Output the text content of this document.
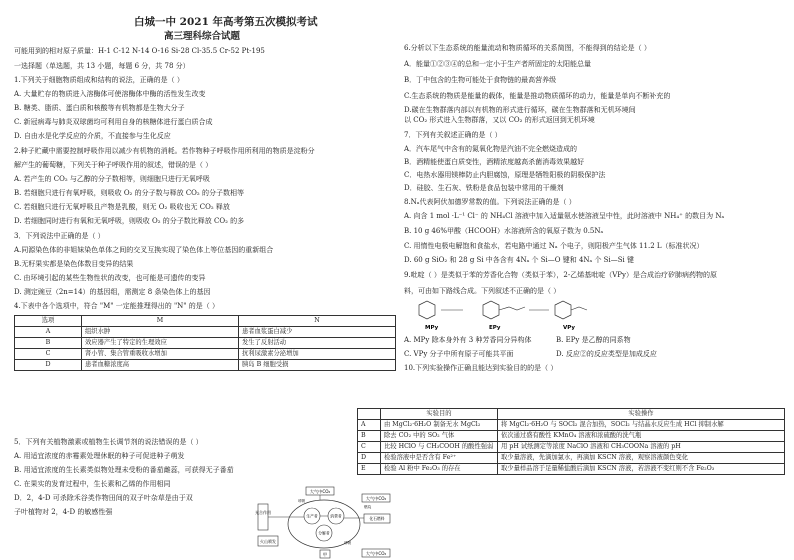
白城一中 2021 年高考第五次模拟考试
高三理科综合试题
可能用到的相对原子质量：H-1 C-12 N-14 O-16 Si-28 Cl-35.5 Cr-52 Pt-195
一选择题（单选题，共 13 小题，每题 6 分，共 78 分）
1.下列关于细胞物质组成和结构的说法，正确的是（ ）
A. 大量贮存的物质进入溶酶体可使溶酶体中酶的活性发生改变
B. 糖类、脂质、蛋白质和核酸等有机物都是生物大分子
C. 新冠病毒与肺炎双球菌均可利用自身的核糖体进行蛋白质合成
D. 自由水是化学反应的介质，不直接参与生化反应
2.种子贮藏中需要控制呼吸作用以减少有机物的消耗。若作物种子呼吸作用所利用的物质是淀粉分
解产生的葡萄糖，下列关于种子呼吸作用的叙述，错误的是（ ）
A. 若产生的 CO₂ 与乙醇的分子数相等，则细胞只进行无氧呼吸
B. 若细胞只进行有氧呼吸，则吸收 O₂ 的分子数与释放 CO₂ 的分子数相等
C. 若细胞只进行无氧呼吸且产物是乳酸，则无 O₂ 吸收也无 CO₂ 释放
D. 若细胞同时进行有氧和无氧呼吸，则吸收 O₂ 的分子数比释放 CO₂ 的多
3．下列说法中正确的是（ ）
A.同源染色体的非姐妹染色单体之间的交叉互换实现了染色体上等位基因的重新组合
B.无籽果实都是染色体数目变异的结果
C. 由环境引起的某些生物性状的改变，也可能是可遗传的变异
D. 测定豌豆（2n=14）的基因组，需测定 8 条染色体上的基因
4.下表中各个选项中，符合 "M" 一定能推理得出的 "N" 的是（ ）
选项	M	N
A	组织水肿	患者血浆蛋白减少
B	效应器产生了特定的生理效应	发生了反射活动
C	肾小管、集合管重吸收水增加	抗利尿激素分泌增加
D	患者血糖浓度高	胰岛 B 细胞受损
5．下列有关植物激素或植物生长调节剂的说法错误的是（ ）
A. 用适宜浓度的赤霉素处理休眠的种子可促进种子萌发
B. 用适宜浓度的生长素类似物处理未受粉的番茄雌蕊，可获得无子番茄
C. 在果实的发育过程中，生长素和乙烯的作用相同
D．2，4-D 可杀除禾谷类作物田间的双子叶杂草是由于双
子叶植物对 2，4-D 的敏感性强
大气中CO₂
光合作用
火山喷发
生产者	消费者
分解者
化石燃料
呼吸
燃烧
呼吸
大气中CO₂
大气中CO₂
甲
6.分析以下生态系统的能量流动和物质循环的关系简图，不能得到的结论是（ ）
A．能量①②③④的总和一定小于生产者所固定的太阳能总量
B．丁中包含的生物可能处于食物链的最高营养级
C.生态系统的物质是能量的载体，能量是推动物质循环的动力，能量是单向不断补充的
D.碳在生物群落内部以有机物的形式进行循环，碳在生物群落和无机环境间
以 CO₂ 形式进入生物群落，又以 CO₂ 的形式返回到无机环境
7．下列有关叙述正确的是（ ）
A．汽车尾气中含有的氮氧化物是汽油不完全燃烧造成的
B．酒精能使蛋白质变性，酒精浓度越高杀菌消毒效果越好
C．电热水器用镁棒防止内胆腐蚀，原理是牺牲阳极的阴极保护法
D．硅胶、生石灰、铁粉是食品包装中常用的干燥剂
8.Nₐ代表阿伏加德罗常数的值。下列说法正确的是（ ）
A. 向含 1 mol ·L⁻¹ Cl⁻ 的 NH₄Cl 溶液中加入适量氨水使溶液呈中性，此时溶液中 NH₄⁺ 的数目为 Nₐ
B. 10 g 46%甲酸（HCOOH）水溶液所含的氧原子数为 0.5Nₐ
C. 用惰性电极电解饱和食盐水，若电路中通过 Nₐ 个电子，则阳极产生气体 11.2 L（标准状况）
D. 60 g SiO₂ 和 28 g Si 中各含有 4Nₐ 个 Si—O 键和 4Nₐ 个 Si—Si 键
9.吡啶（ ）是类似于苯的芳香化合物（类似于苯），2-乙烯基吡啶（VPy）是合成治疗矽肺病药物的原
料，可由如下路线合成。下列叙述不正确的是（ ）
MPy	EPy	VPy
A. MPy 除本身外有 3 种芳香同分异构体	B. EPy 是乙醇的同系物
C. VPy 分子中所有原子可能共平面	D. 反应②的反应类型是加成反应
10.下列实验操作正确且能达到实验目的的是（ ）
	实验目的	实验操作
A	由 MgCl₂·6H₂O 制备无水 MgCl₂	将 MgCl₂·6H₂O 与 SOCl₂ 混合加热，SOCl₂ 与结晶水反应生成 HCl 抑制水解
B	除去 CO₂ 中的 SO₂ 气体	依次通过盛有酸性 KMnO₄ 溶液和浓硫酸的洗气瓶
C	比较 HClO 与 CH₃COOH 的酸性强弱	用 pH 试纸测定等浓度 NaClO 溶液和 CH₃COONa 溶液的 pH
D	检验溶液中是否含有 Fe²⁺	取少量溶液，先滴加氯水，再滴加 KSCN 溶液，观察溶液颜色变化
E	检验 Al 粉中 Fe₂O₃ 的存在	取少量样品溶于足量稀盐酸后滴加 KSCN 溶液，若溶液不变红则不含 Fe₂O₃
